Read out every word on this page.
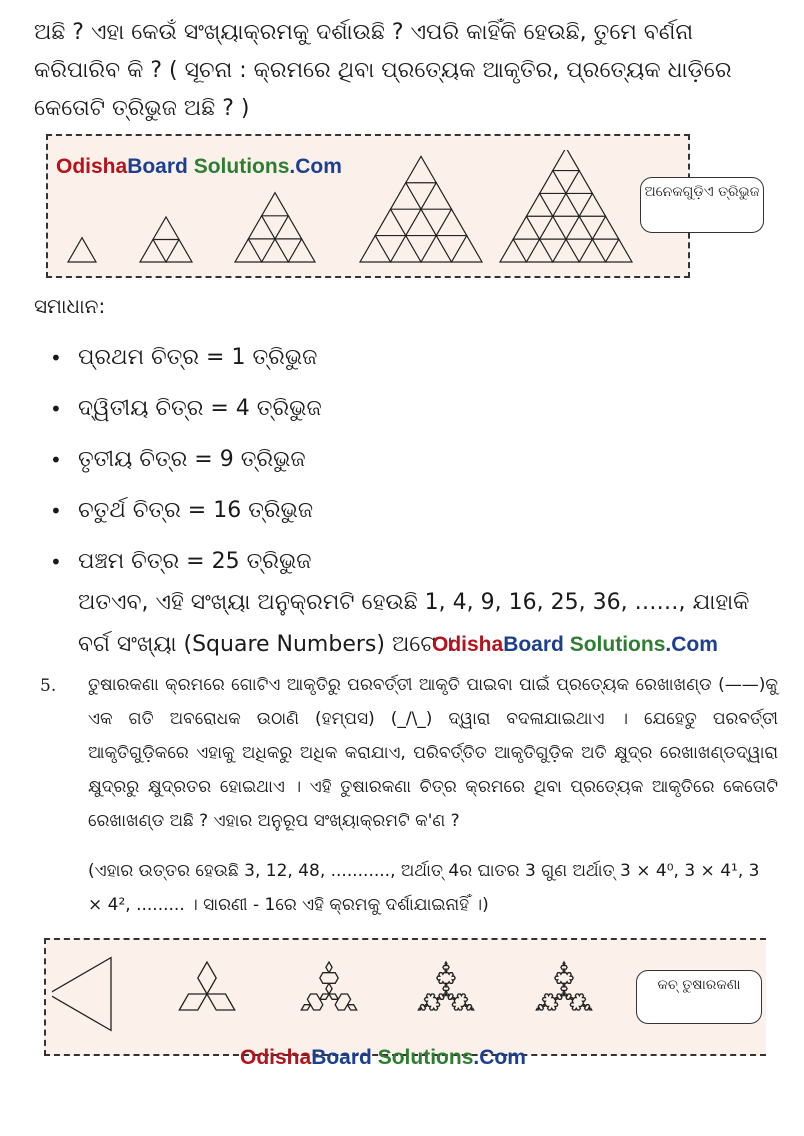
ଅଛି ? ଏହା କେଉଁ ସଂଖ୍ୟାକ୍ରମକୁ ଦର୍ଶାଉଛି ? ଏପରି କାହିଁକି ହେଉଛି, ତୁମେ ବର୍ଣନା କରିପାରିବ କି ? ( ସୂଚନା : କ୍ରମରେ ଥିବା ପ୍ରତ୍ୟେକ ଆକୃତିର, ପ୍ରତ୍ୟେକ ଧାଡ଼ିରେ କେତୋଟି ତ୍ରିଭୁଜ ଅଛି ? )
OdishaBoard Solutions.Com
ଅନେକଗୁଡ଼ିଏ ତ୍ରିଭୁଜ
ସମାଧାନ:
• ପ୍ରଥମ ଚିତ୍ର = 1 ତ୍ରିଭୁଜ
• ଦ୍ୱିତୀୟ ଚିତ୍ର = 4 ତ୍ରିଭୁଜ
• ତୃତୀୟ ଚିତ୍ର = 9 ତ୍ରିଭୁଜ
• ଚତୁର୍ଥ ଚିତ୍ର = 16 ତ୍ରିଭୁଜ
• ପଞ୍ଚମ ଚିତ୍ର = 25 ତ୍ରିଭୁଜ
ଅତଏବ, ଏହି ସଂଖ୍ୟା ଅନୁକ୍ରମଟି ହେଉଛି 1, 4, 9, 16, 25, 36, ……, ଯାହାକି ବର୍ଗ ସଂଖ୍ୟା (Square Numbers) ଅଟେ ।
OdishaBoard Solutions.Com
5. ତୁଷାରକଣା କ୍ରମରେ ଗୋଟିଏ ଆକୃତିରୁ ପରବର୍ତ୍ତୀ ଆକୃତି ପାଇବା ପାଇଁ ପ୍ରତ୍ୟେକ ରେଖାଖଣ୍ଡ (——)କୁ ଏକ ଗତି ଅବରୋଧକ ଉଠାଣି (ହମ୍ପସ) (_/\_) ଦ୍ୱାରା ବଦଳାଯାଇଥାଏ । ଯେହେତୁ ପରବର୍ତ୍ତୀ ଆକୃତିଗୁଡ଼ିକରେ ଏହାକୁ ଅଧିକରୁ ଅଧିକ କରାଯାଏ, ପରିବର୍ତ୍ତିତ ଆକୃତିଗୁଡ଼ିକ ଅତି କ୍ଷୁଦ୍ର ରେଖାଖଣ୍ଡଦ୍ୱାରା କ୍ଷୁଦ୍ରରୁ କ୍ଷୁଦ୍ରତର ହୋଇଥାଏ । ଏହି ତୁଷାରକଣା ଚିତ୍ର କ୍ରମରେ ଥିବା ପ୍ରତ୍ୟେକ ଆକୃତିରେ କେତୋଟି ରେଖାଖଣ୍ଡ ଅଛି ? ଏହାର ଅନୁରୂପ ସଂଖ୍ୟାକ୍ରମଟି କ'ଣ ?
(ଏହାର ଉତ୍ତର ହେଉଛି 3, 12, 48, ..........., ଅର୍ଥାତ୍ 4ର ଘାତର 3 ଗୁଣ ଅର୍ଥାତ୍ 3 × 4⁰, 3 × 4¹, 3 × 4², ......... । ସାରଣୀ - 1ରେ ଏହି କ୍ରମକୁ ଦର୍ଶାଯାଇନାହିଁ ।)
କଚ୍ ତୁଷାରକଣା
OdishaBoard Solutions.Com
